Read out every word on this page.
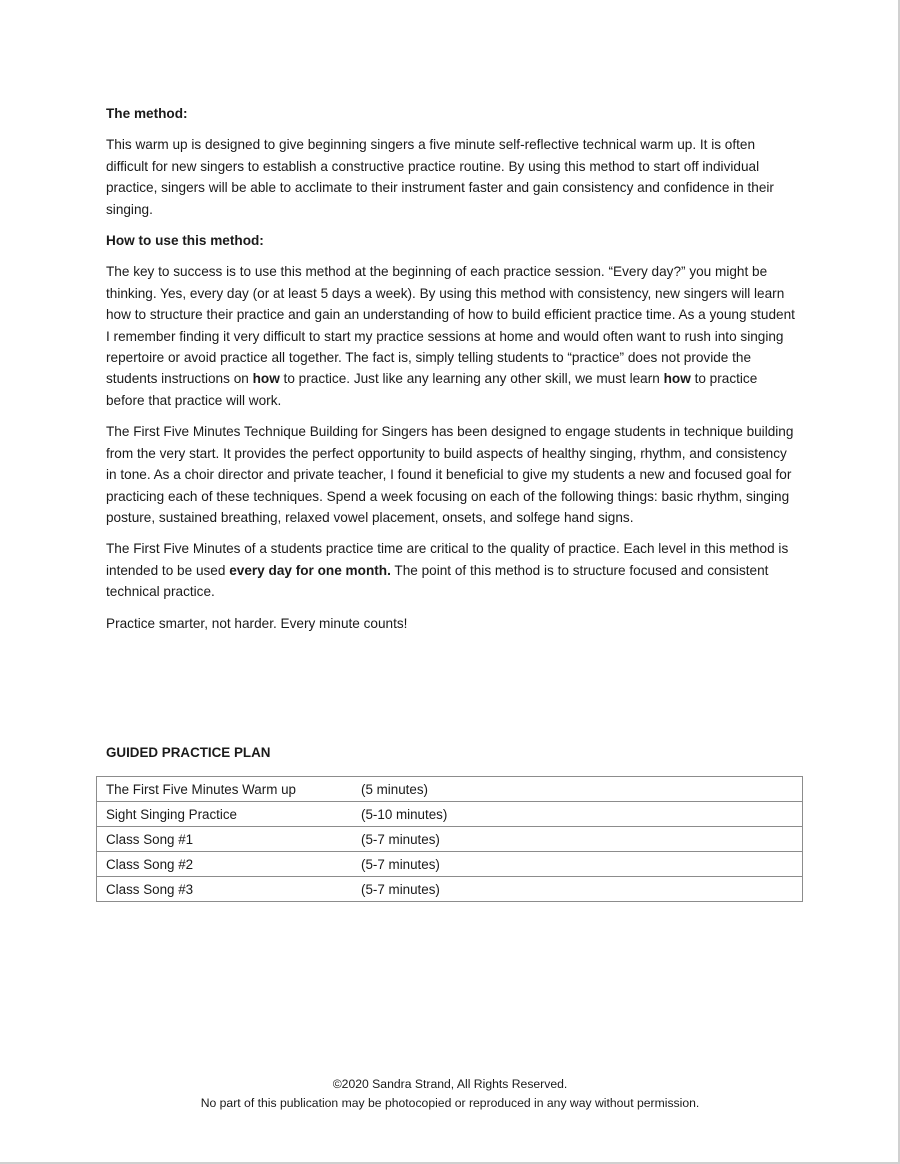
The method:

This warm up is designed to give beginning singers a five minute self-reflective technical warm up. It is often difficult for new singers to establish a constructive practice routine. By using this method to start off individual practice, singers will be able to acclimate to their instrument faster and gain consistency and confidence in their singing.

How to use this method:

The key to success is to use this method at the beginning of each practice session. “Every day?” you might be thinking. Yes, every day (or at least 5 days a week). By using this method with consistency, new singers will learn how to structure their practice and gain an understanding of how to build efficient practice time. As a young student I remember finding it very difficult to start my practice sessions at home and would often want to rush into singing repertoire or avoid practice all together. The fact is, simply telling students to “practice” does not provide the students instructions on how to practice. Just like any learning any other skill, we must learn how to practice before that practice will work.

The First Five Minutes Technique Building for Singers has been designed to engage students in technique building from the very start. It provides the perfect opportunity to build aspects of healthy singing, rhythm, and consistency in tone. As a choir director and private teacher, I found it beneficial to give my students a new and focused goal for practicing each of these techniques. Spend a week focusing on each of the following things: basic rhythm, singing posture, sustained breathing, relaxed vowel placement, onsets, and solfege hand signs.

The First Five Minutes of a students practice time are critical to the quality of practice. Each level in this method is intended to be used every day for one month. The point of this method is to structure focused and consistent technical practice.

Practice smarter, not harder. Every minute counts!

GUIDED PRACTICE PLAN

The First Five Minutes Warm up	(5 minutes)
Sight Singing Practice	(5-10 minutes)
Class Song #1	(5-7 minutes)
Class Song #2	(5-7 minutes)
Class Song #3	(5-7 minutes)
©2020 Sandra Strand, All Rights Reserved.
No part of this publication may be photocopied or reproduced in any way without permission.
